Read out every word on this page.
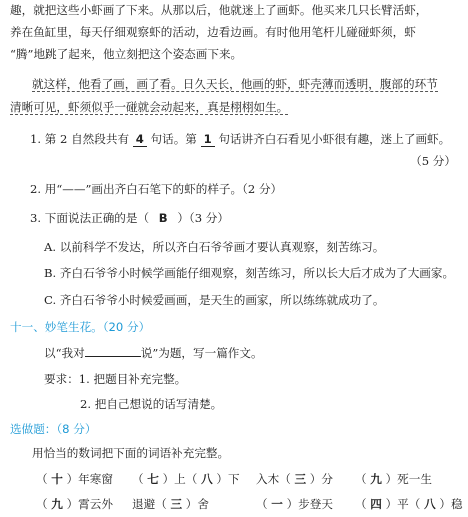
趣，就把这些小虾画了下来。从那以后，他就迷上了画虾。他买来几只长臂活虾，
养在鱼缸里，每天仔细观察虾的活动，边看边画。有时他用笔杆儿碰碰虾须，虾
“腾”地跳了起来，他立刻把这个姿态画下来。
就这样，他看了画，画了看。日久天长，他画的虾，虾壳薄而透明，腹部的环节
清晰可见，虾须似乎一碰就会动起来，真是栩栩如生。
1. 第 2 自然段共有 4 句话。第 1 句话讲齐白石看见小虾很有趣，迷上了画虾。
（5 分）
2. 用“——”画出齐白石笔下的虾的样子。（2 分）
3. 下面说法正确的是（ B ）（3 分）
A. 以前科学不发达，所以齐白石爷爷画才要认真观察，刻苦练习。
B. 齐白石爷爷小时候学画能仔细观察，刻苦练习，所以长大后才成为了大画家。
C. 齐白石爷爷小时候爱画画，是天生的画家，所以练练就成功了。
十一、妙笔生花。（20 分）
以“我对	说”为题，写一篇作文。
要求：1. 把题目补充完整。
2. 把自己想说的话写清楚。
选做题：（8 分）
用恰当的数词把下面的词语补充完整。
（ 十 ）年寒窗 （ 七 ）上（ 八 ）下 入木（ 三 ）分 （ 九 ）死一生
（ 九 ）霄云外 退避（ 三 ）舍	（ 一 ）步登天 （ 四 ）平（ 八 ）稳
